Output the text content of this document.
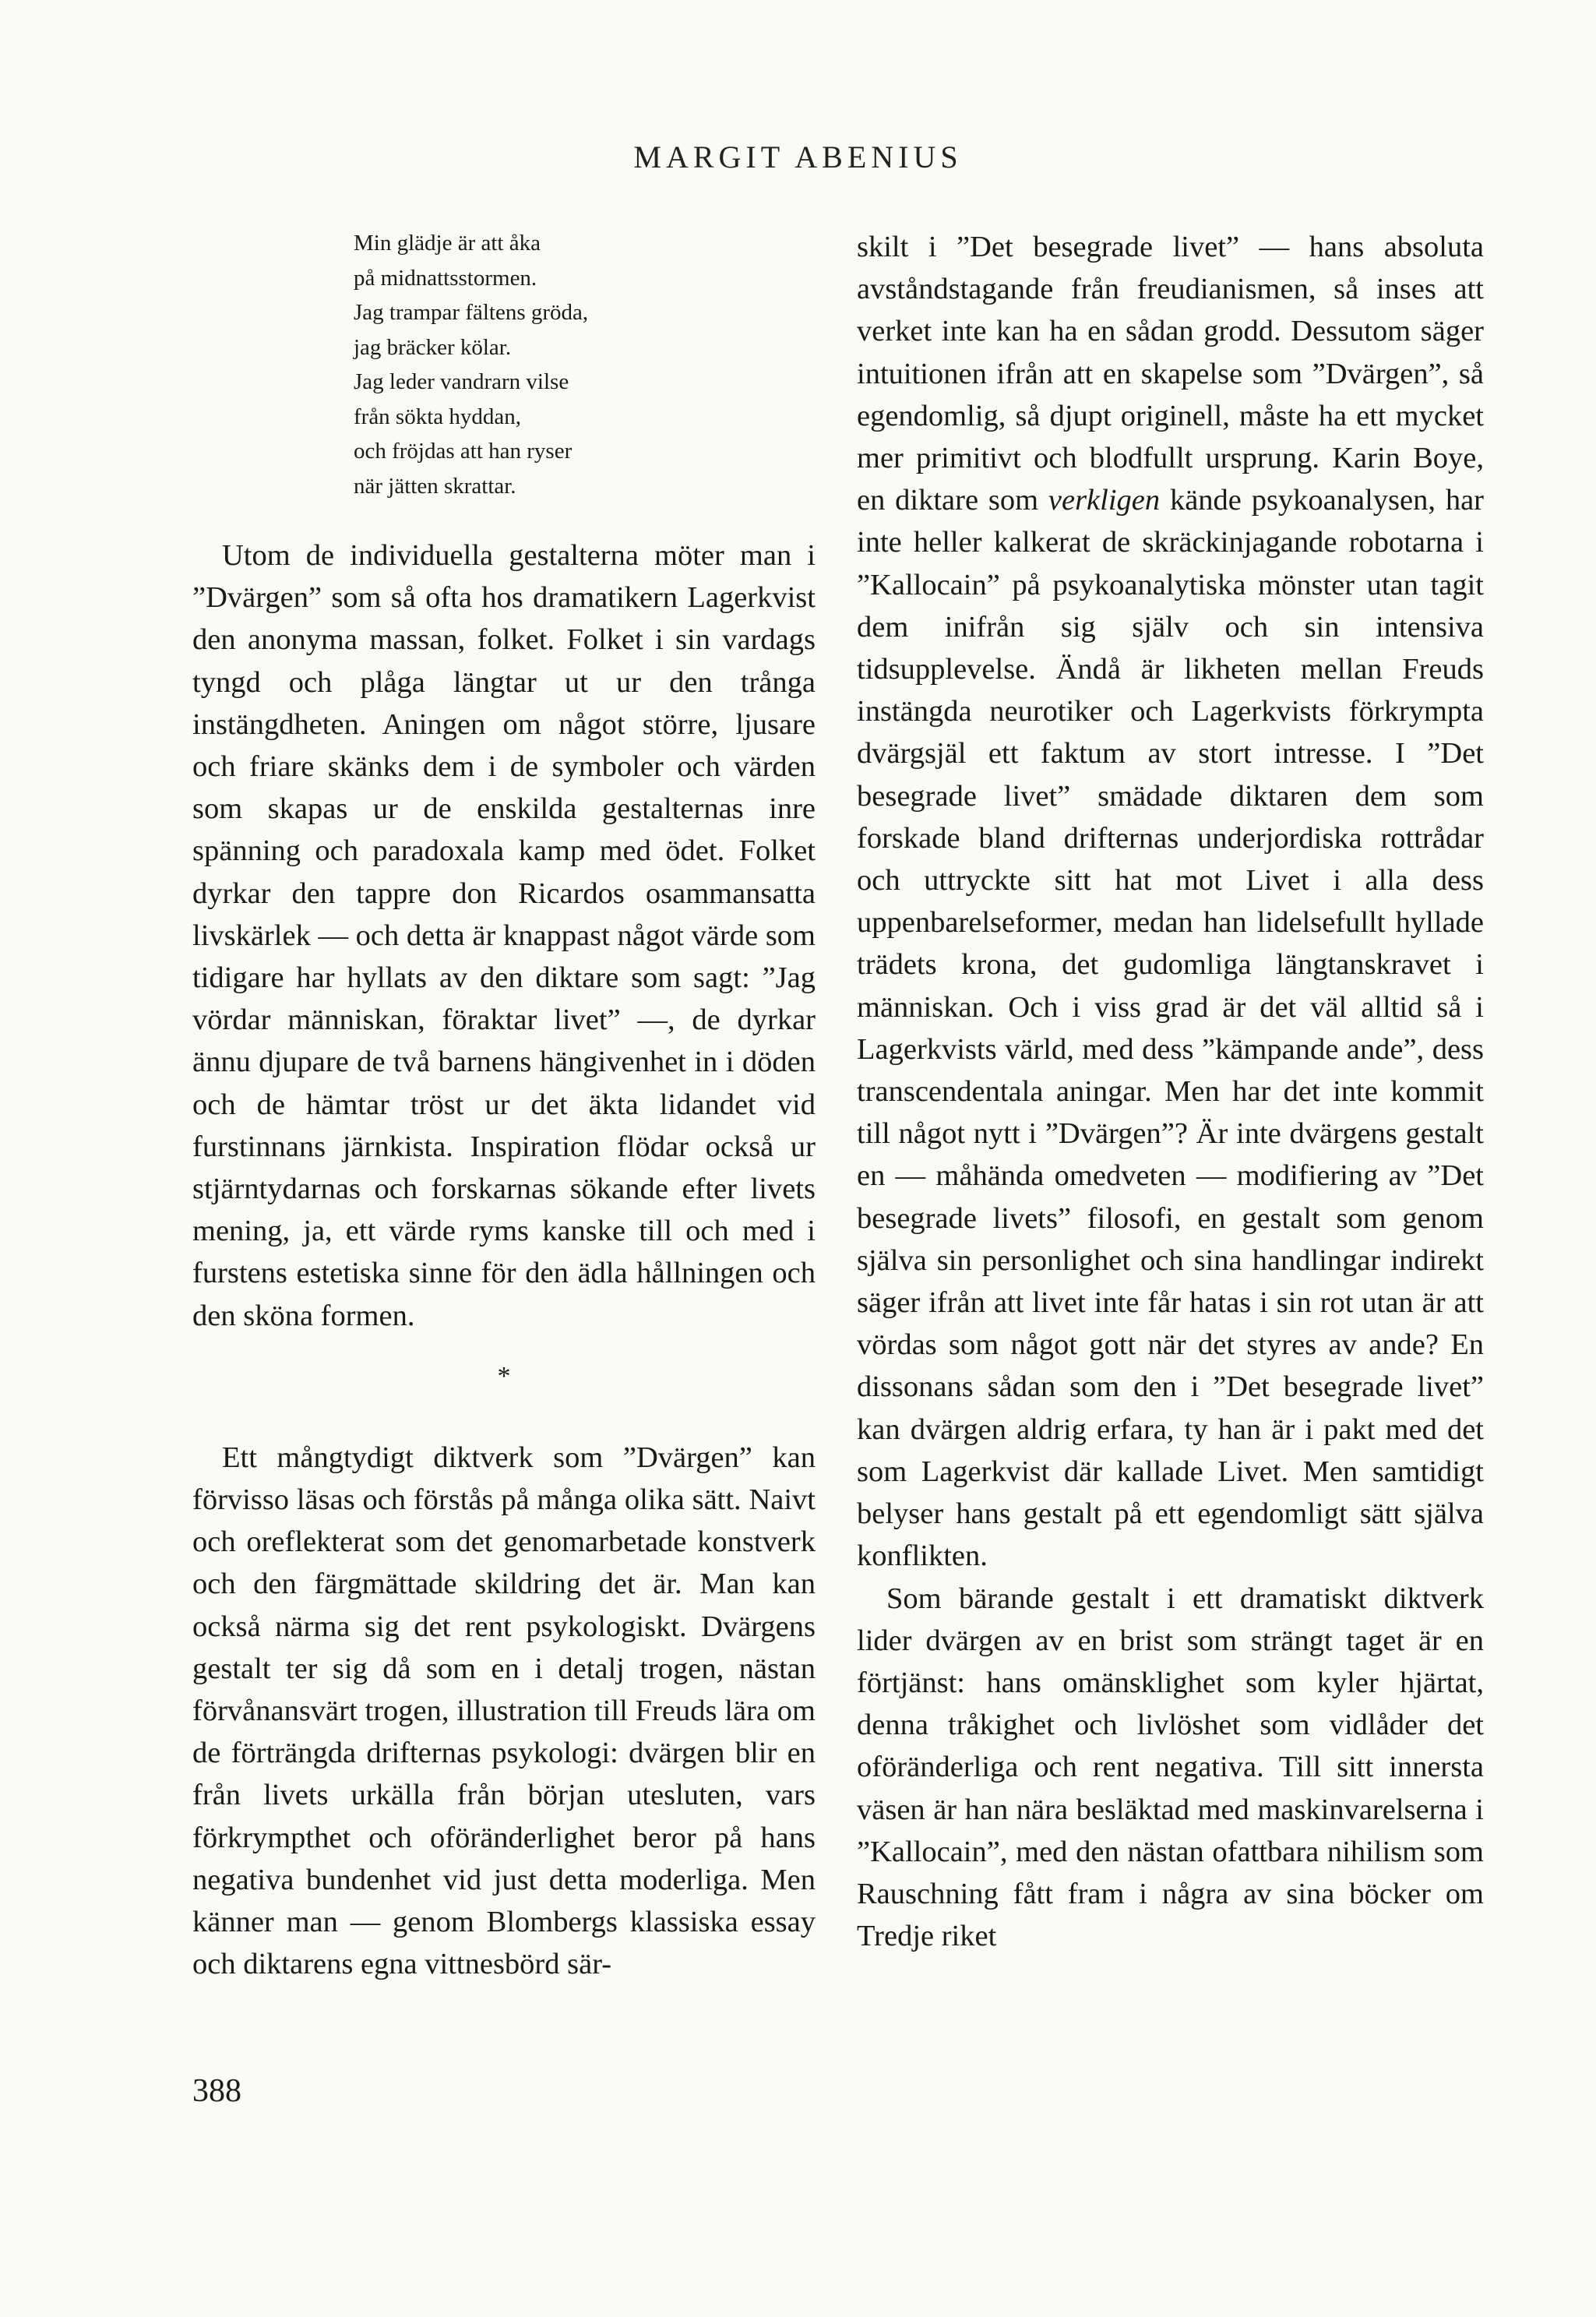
MARGIT ABENIUS
Min glädje är att åka
på midnattsstormen.
Jag trampar fältens gröda,
jag bräcker kölar.
Jag leder vandrarn vilse
från sökta hyddan,
och fröjdas att han ryser
när jätten skrattar.

Utom de individuella gestalterna möter man i ”Dvärgen” som så ofta hos dramatikern Lagerkvist den anonyma massan, folket. Folket i sin vardags tyngd och plåga längtar ut ur den trånga instängdheten. Aningen om något större, ljusare och friare skänks dem i de symboler och värden som skapas ur de enskilda gestalternas inre spänning och paradoxala kamp med ödet. Folket dyrkar den tappre don Ricardos osammansatta livskärlek — och detta är knappast något värde som tidigare har hyllats av den diktare som sagt: ”Jag vördar människan, föraktar livet” —, de dyrkar ännu djupare de två barnens hängivenhet in i döden och de hämtar tröst ur det äkta lidandet vid furstinnans järnkista. Inspiration flödar också ur stjärntydarnas och forskarnas sökande efter livets mening, ja, ett värde ryms kanske till och med i furstens estetiska sinne för den ädla hållningen och den sköna formen.

*

Ett mångtydigt diktverk som ”Dvärgen” kan förvisso läsas och förstås på många olika sätt. Naivt och oreflekterat som det genomarbetade konstverk och den färgmättade skildring det är. Man kan också närma sig det rent psykologiskt. Dvärgens gestalt ter sig då som en i detalj trogen, nästan förvånansvärt trogen, illustration till Freuds lära om de förträngda drifternas psykologi: dvärgen blir en från livets urkälla från början utesluten, vars förkrympthet och oföränderlighet beror på hans negativa bundenhet vid just detta moderliga. Men känner man — genom Blombergs klassiska essay och diktarens egna vittnesbörd sär-

skilt i ”Det besegrade livet” — hans absoluta avståndstagande från freudianismen, så inses att verket inte kan ha en sådan grodd. Dessutom säger intuitionen ifrån att en skapelse som ”Dvärgen”, så egendomlig, så djupt originell, måste ha ett mycket mer primitivt och blodfullt ursprung. Karin Boye, en diktare som verkligen kände psykoanalysen, har inte heller kalkerat de skräckinjagande robotarna i ”Kallocain” på psykoanalytiska mönster utan tagit dem inifrån sig själv och sin intensiva tidsupplevelse. Ändå är likheten mellan Freuds instängda neurotiker och Lagerkvists förkrympta dvärgsjäl ett faktum av stort intresse. I ”Det besegrade livet” smädade diktaren dem som forskade bland drifternas underjordiska rottrådar och uttryckte sitt hat mot Livet i alla dess uppenbarelseformer, medan han lidelsefullt hyllade trädets krona, det gudomliga längtanskravet i människan. Och i viss grad är det väl alltid så i Lagerkvists värld, med dess ”kämpande ande”, dess transcendentala aningar. Men har det inte kommit till något nytt i ”Dvärgen”? Är inte dvärgens gestalt en — måhända omedveten — modifiering av ”Det besegrade livets” filosofi, en gestalt som genom själva sin personlighet och sina handlingar indirekt säger ifrån att livet inte får hatas i sin rot utan är att vördas som något gott när det styres av ande? En dissonans sådan som den i ”Det besegrade livet” kan dvärgen aldrig erfara, ty han är i pakt med det som Lagerkvist där kallade Livet. Men samtidigt belyser hans gestalt på ett egendomligt sätt själva konflikten.

Som bärande gestalt i ett dramatiskt diktverk lider dvärgen av en brist som strängt taget är en förtjänst: hans omänsklighet som kyler hjärtat, denna tråkighet och livlöshet som vidlåder det oföränderliga och rent negativa. Till sitt innersta väsen är han nära besläktad med maskinvarelserna i ”Kallocain”, med den nästan ofattbara nihilism som Rauschning fått fram i några av sina böcker om Tredje riket

388
